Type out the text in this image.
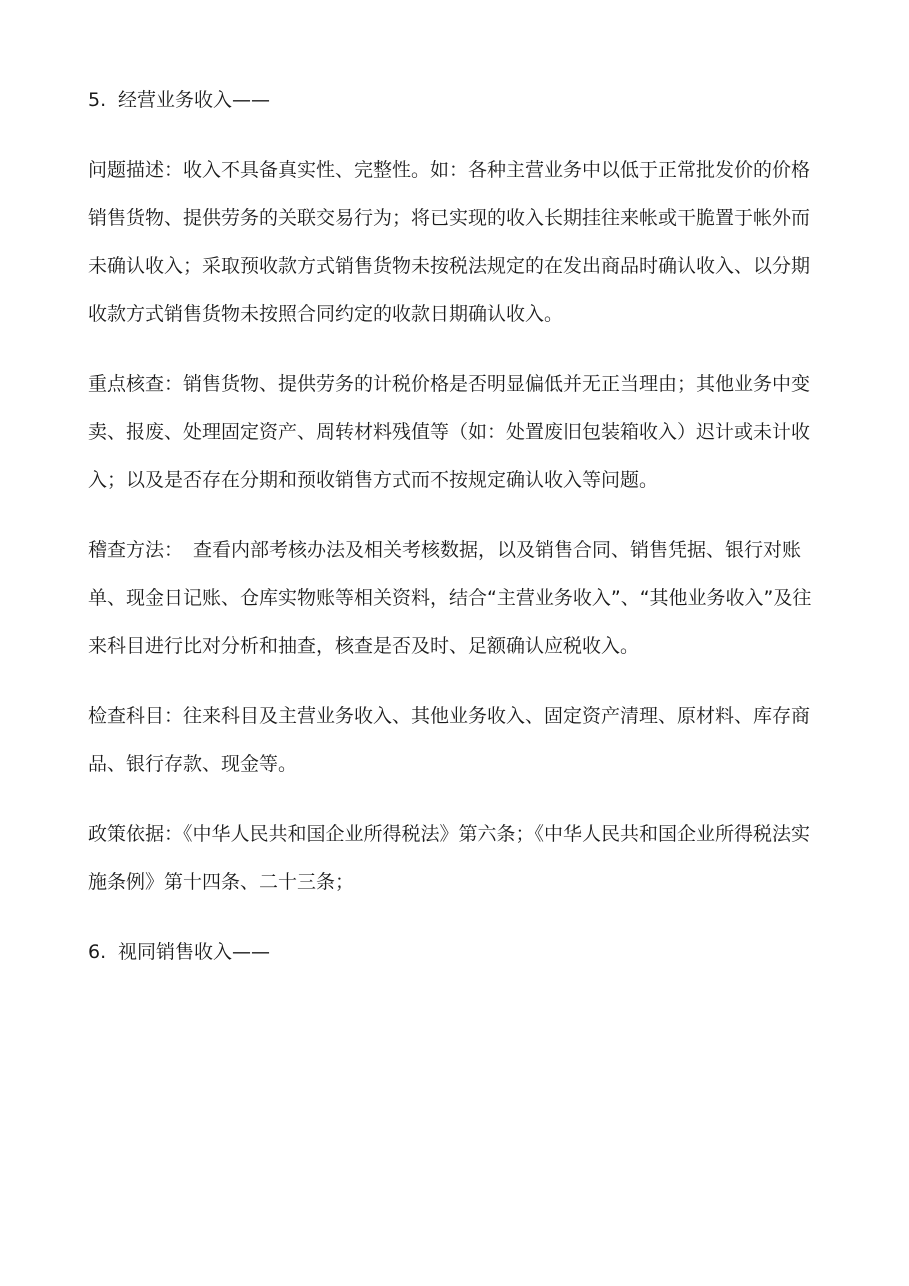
5. 经营业务收入——
问题描述：收入不具备真实性、完整性。如：各种主营业务中以低于正常批发价的价格销售货物、提供劳务的关联交易行为；将已实现的收入长期挂往来帐或干脆置于帐外而未确认收入；采取预收款方式销售货物未按税法规定的在发出商品时确认收入、以分期收款方式销售货物未按照合同约定的收款日期确认收入。
重点核查：销售货物、提供劳务的计税价格是否明显偏低并无正当理由；其他业务中变卖、报废、处理固定资产、周转材料残值等（如：处置废旧包装箱收入）迟计或未计收入；以及是否存在分期和预收销售方式而不按规定确认收入等问题。
稽查方法： 查看内部考核办法及相关考核数据，以及销售合同、销售凭据、银行对账单、现金日记账、仓库实物账等相关资料，结合“主营业务收入”、“其他业务收入”及往来科目进行比对分析和抽查，核查是否及时、足额确认应税收入。
检查科目：往来科目及主营业务收入、其他业务收入、固定资产清理、原材料、库存商品、银行存款、现金等。
政策依据：《中华人民共和国企业所得税法》第六条；《中华人民共和国企业所得税法实施条例》第十四条、二十三条；
6. 视同销售收入——
